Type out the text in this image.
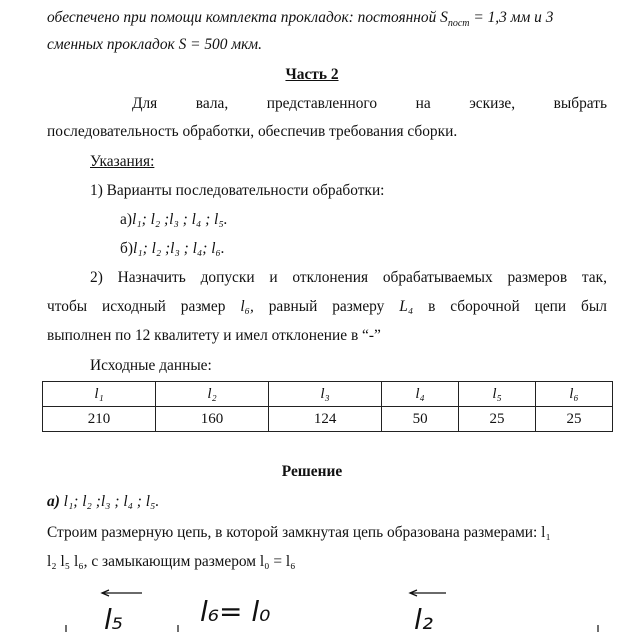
обеспечено при помощи комплекта прокладок: постоянной $S_{пост} = 1,3$ мм и 3
сменных прокладок S = 500 мкм.
Часть 2
Для	вала,	представленного	на	эскизе,	выбрать
последовательность обработки, обеспечив требования сборки.
Указания:
1) Варианты последовательности обработки:
а)l₁; l₂ ;l₃ ; l₄ ; l₅.
б)l₁; l₂ ;l₃ ; l₄; l₆.
2) Назначить допуски и отклонения обрабатываемых размеров так,
чтобы исходный размер l₆, равный размеру L₄ в сборочной цепи был
выполнен по 12 квалитету и имел отклонение в “-”
Исходные данные:
l₁	l₂	l₃	l₄	l₅	l₆
210	160	124	50	25	25
Решение
а) l₁; l₂ ;l₃ ; l₄ ; l₅.
Строим размерную цепь, в которой замкнутая цепь образована размерами: l₁
l₂ l₅ l₆, с замыкающим размером l₀ = l₆
l₅	l₆= l₀	l₂
